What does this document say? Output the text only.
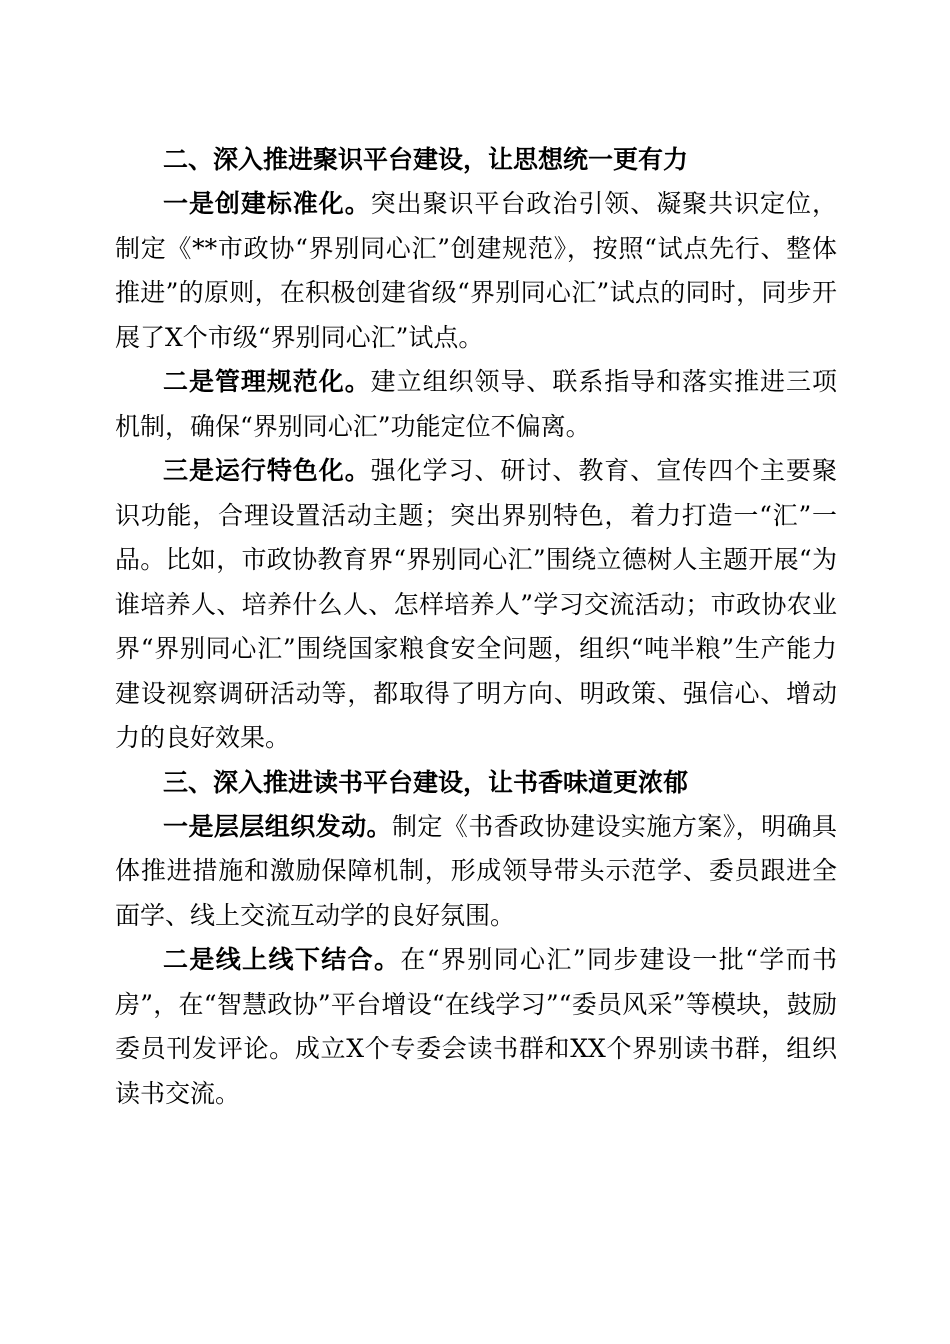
二、深入推进聚识平台建设，让思想统一更有力

一是创建标准化。突出聚识平台政治引领、凝聚共识定位，制定《**市政协“界别同心汇”创建规范》，按照“试点先行、整体推进”的原则，在积极创建省级“界别同心汇”试点的同时，同步开展了X个市级“界别同心汇”试点。

二是管理规范化。建立组织领导、联系指导和落实推进三项机制，确保“界别同心汇”功能定位不偏离。

三是运行特色化。强化学习、研讨、教育、宣传四个主要聚识功能，合理设置活动主题；突出界别特色，着力打造一“汇”一品。比如，市政协教育界“界别同心汇”围绕立德树人主题开展“为谁培养人、培养什么人、怎样培养人”学习交流活动；市政协农业界“界别同心汇”围绕国家粮食安全问题，组织“吨半粮”生产能力建设视察调研活动等，都取得了明方向、明政策、强信心、增动力的良好效果。

三、深入推进读书平台建设，让书香味道更浓郁

一是层层组织发动。制定《书香政协建设实施方案》，明确具体推进措施和激励保障机制，形成领导带头示范学、委员跟进全面学、线上交流互动学的良好氛围。

二是线上线下结合。在“界别同心汇”同步建设一批“学而书房”，在“智慧政协”平台增设“在线学习”“委员风采”等模块，鼓励委员刊发评论。成立X个专委会读书群和XX个界别读书群，组织读书交流。
